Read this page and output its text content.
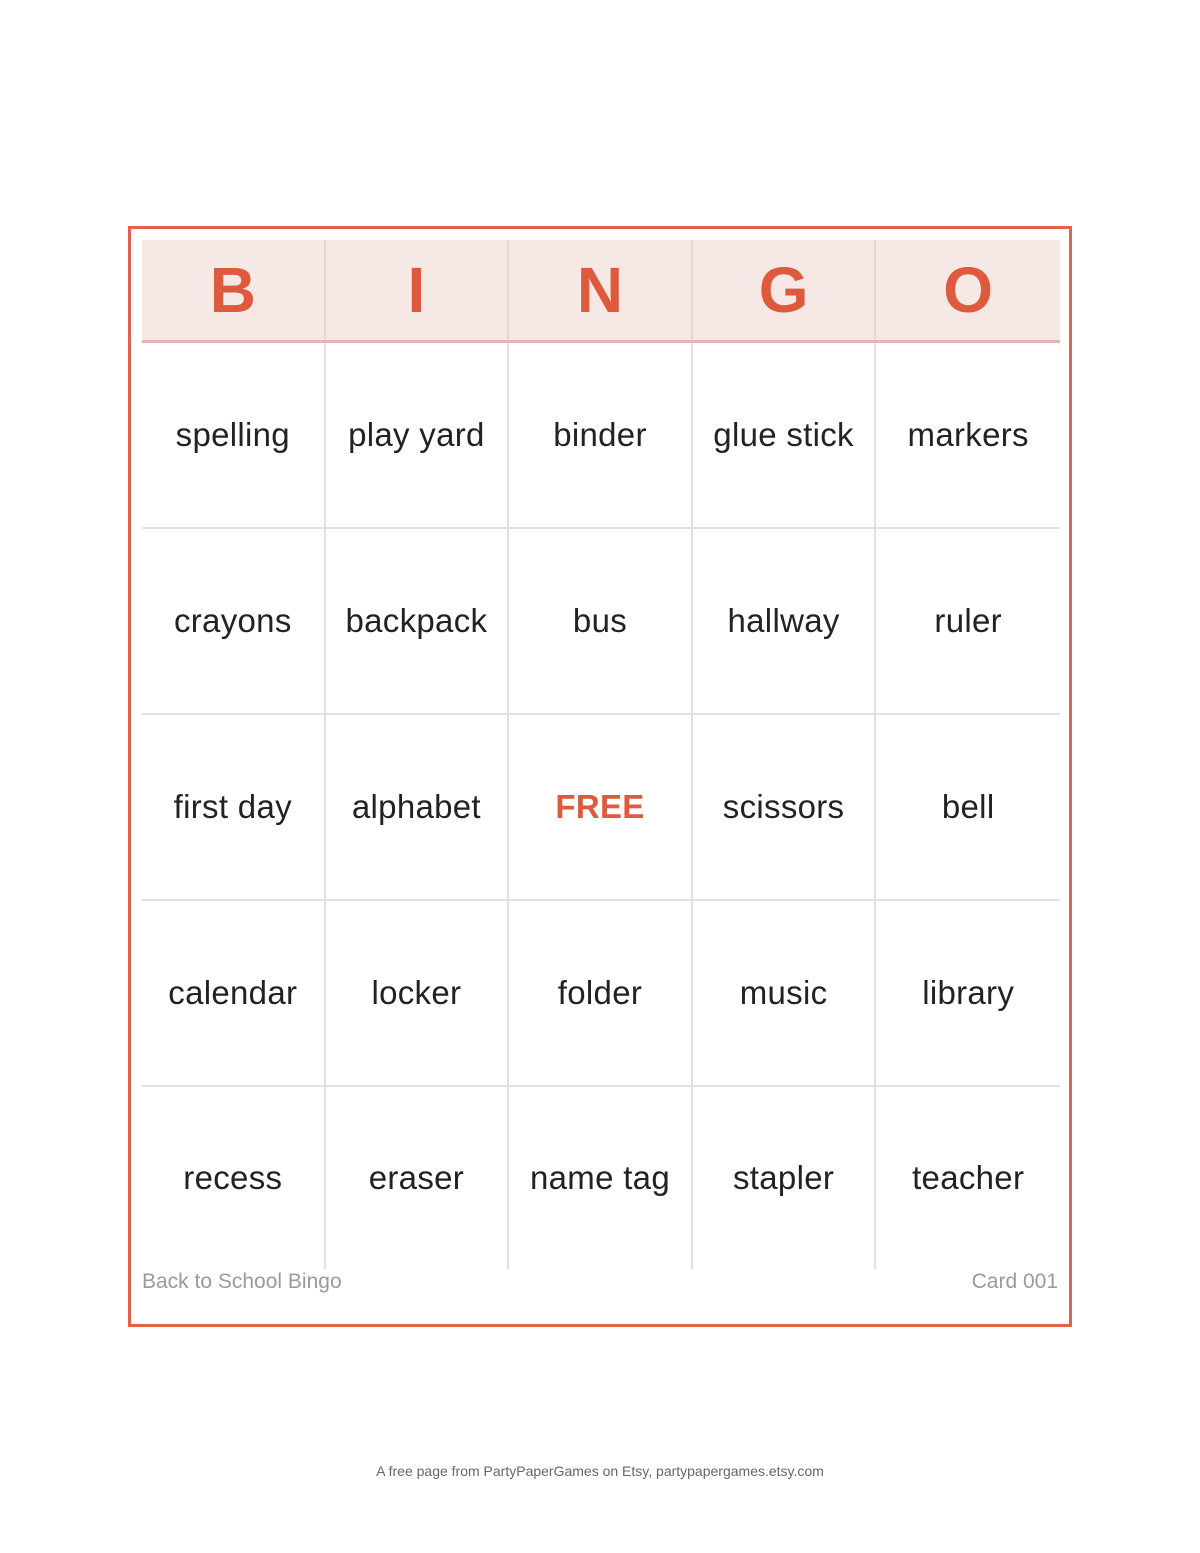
B	I	N	G	O
spelling	play yard	binder	glue stick	markers
crayons	backpack	bus	hallway	ruler
first day	alphabet	FREE	scissors	bell
calendar	locker	folder	music	library
recess	eraser	name tag	stapler	teacher
Back to School Bingo	Card 001
A free page from PartyPaperGames on Etsy, partypapergames.etsy.com
